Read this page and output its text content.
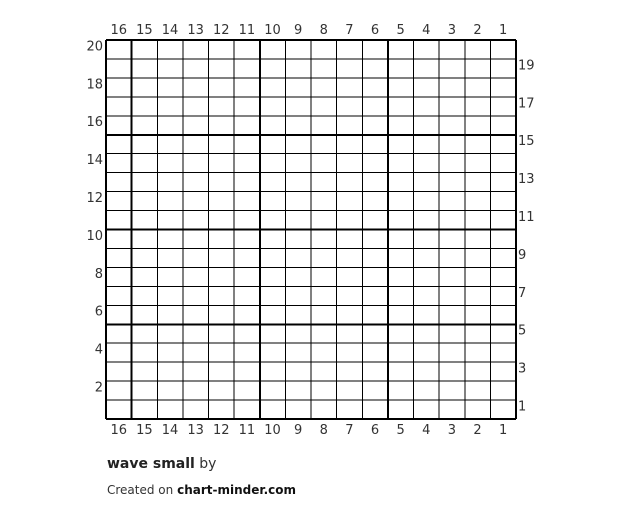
16
16
15
15
14
14
13
13
12
12
11
11
10
10
9
9
8
8
7
7
6
6
5
5
4
4
3
3
2
2
1
1
1
2
3
4
5
6
7
8
9
10
11
12
13
14
15
16
17
18
19
20
wave small by
Created on chart-minder.com
